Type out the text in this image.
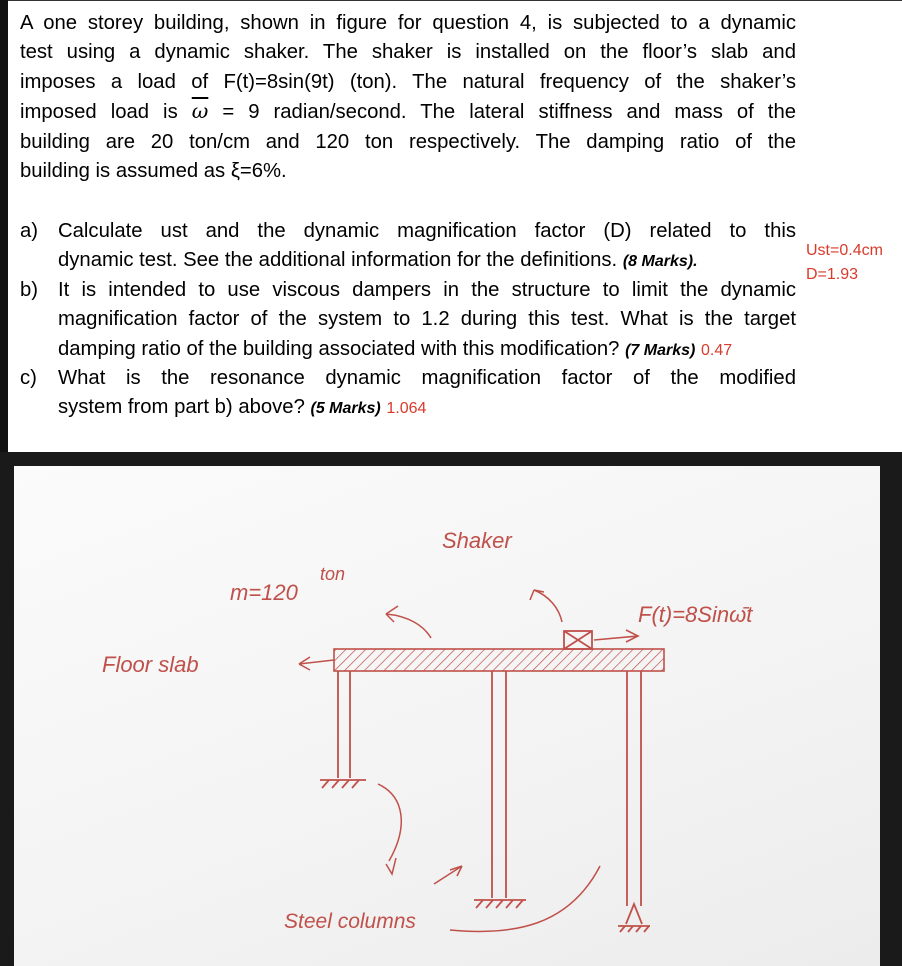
A one storey building, shown in figure for question 4, is subjected to a dynamic
test using a dynamic shaker. The shaker is installed on the floor’s slab and
imposes a load of F(t)=8sin(9t) (ton). The natural frequency of the shaker’s
imposed load is $\overline{\omega} = 9$ radian/second. The lateral stiffness and mass of the
building are 20 ton/cm and 120 ton respectively. The damping ratio of the
building is assumed as ξ=6%.
a) Calculate ust and the dynamic magnification factor (D) related to this
dynamic test. See the additional information for the definitions. (8 Marks).
b) It is intended to use viscous dampers in the structure to limit the dynamic
magnification factor of the system to 1.2 during this test. What is the target
damping ratio of the building associated with this modification? (7 Marks) 0.47
c) What is the resonance dynamic magnification factor of the modified
system from part b) above? (5 Marks) 1.064
Ust=0.4cm
D=1.93
m=120
ton
Shaker
F(t)=8Sinω̄t
Floor slab
Steel columns
